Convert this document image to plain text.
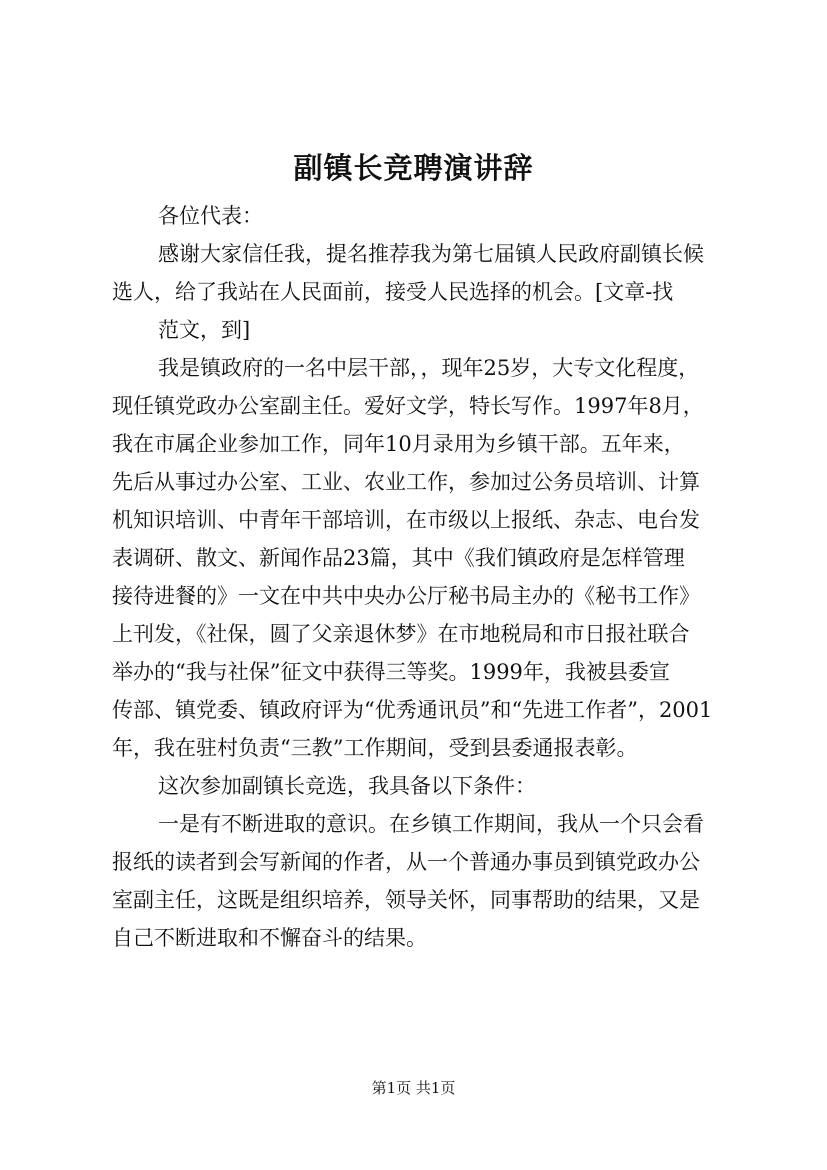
副镇长竞聘演讲辞
各位代表：
感谢大家信任我，提名推荐我为第七届镇人民政府副镇长候
选人，给了我站在人民面前，接受人民选择的机会。[文章-找
范文，到]
我是镇政府的一名中层干部，，现年25岁，大专文化程度，
现任镇党政办公室副主任。爱好文学，特长写作。1997年8月，
我在市属企业参加工作，同年10月录用为乡镇干部。五年来，
先后从事过办公室、工业、农业工作，参加过公务员培训、计算
机知识培训、中青年干部培训，在市级以上报纸、杂志、电台发
表调研、散文、新闻作品23篇，其中《我们镇政府是怎样管理
接待进餐的》一文在中共中央办公厅秘书局主办的《秘书工作》
上刊发，《社保，圆了父亲退休梦》在市地税局和市日报社联合
举办的“我与社保”征文中获得三等奖。1999年，我被县委宣
传部、镇党委、镇政府评为“优秀通讯员”和“先进工作者”，2001
年，我在驻村负责“三教”工作期间，受到县委通报表彰。
这次参加副镇长竞选，我具备以下条件：
一是有不断进取的意识。在乡镇工作期间，我从一个只会看
报纸的读者到会写新闻的作者，从一个普通办事员到镇党政办公
室副主任，这既是组织培养，领导关怀，同事帮助的结果，又是
自己不断进取和不懈奋斗的结果。
第1页 共1页
